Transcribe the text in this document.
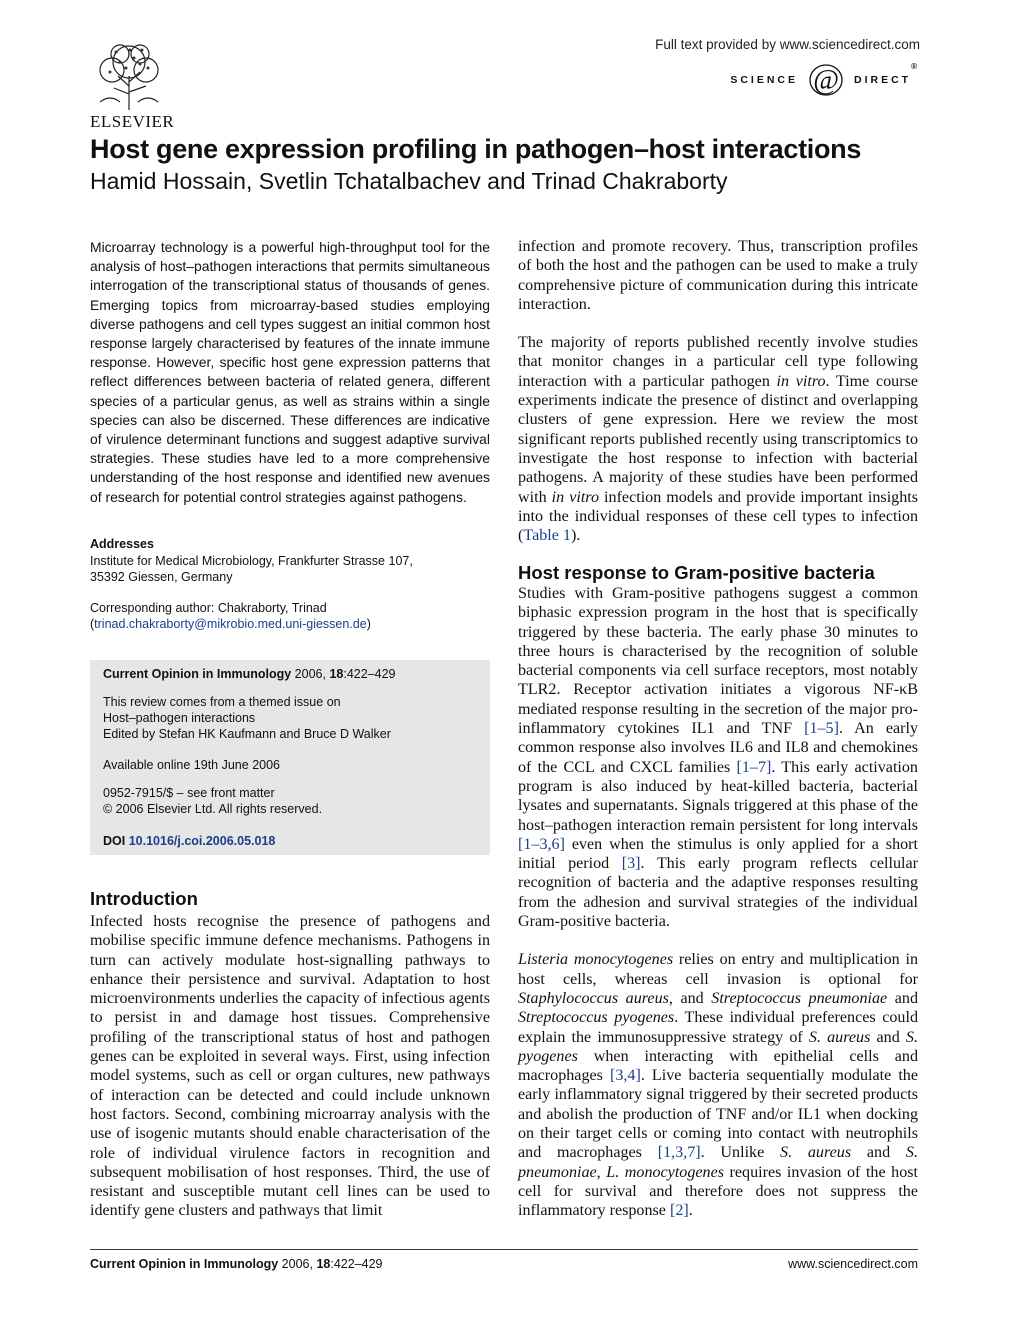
ELSEVIER
Full text provided by www.sciencedirect.com
SCIENCE @ DIRECT®
Host gene expression profiling in pathogen–host interactions
Hamid Hossain, Svetlin Tchatalbachev and Trinad Chakraborty
Microarray technology is a powerful high-throughput tool for the analysis of host–pathogen interactions that permits simultaneous interrogation of the transcriptional status of thousands of genes. Emerging topics from microarray-based studies employing diverse pathogens and cell types suggest an initial common host response largely characterised by features of the innate immune response. However, specific host gene expression patterns that reflect differences between bacteria of related genera, different species of a particular genus, as well as strains within a single species can also be discerned. These differences are indicative of virulence determinant functions and suggest adaptive survival strategies. These studies have led to a more comprehensive understanding of the host response and identified new avenues of research for potential control strategies against pathogens.
Addresses
Institute for Medical Microbiology, Frankfurter Strasse 107,
35392 Giessen, Germany
Corresponding author: Chakraborty, Trinad
(trinad.chakraborty@mikrobio.med.uni-giessen.de)
Current Opinion in Immunology 2006, 18:422–429
This review comes from a themed issue on
Host–pathogen interactions
Edited by Stefan HK Kaufmann and Bruce D Walker
Available online 19th June 2006
0952-7915/$ – see front matter
© 2006 Elsevier Ltd. All rights reserved.
DOI 10.1016/j.coi.2006.05.018
Introduction
Infected hosts recognise the presence of pathogens and mobilise specific immune defence mechanisms. Pathogens in turn can actively modulate host-signalling pathways to enhance their persistence and survival. Adaptation to host microenvironments underlies the capacity of infectious agents to persist in and damage host tissues. Comprehensive profiling of the transcriptional status of host and pathogen genes can be exploited in several ways. First, using infection model systems, such as cell or organ cultures, new pathways of interaction can be detected and could include unknown host factors. Second, combining microarray analysis with the use of isogenic mutants should enable characterisation of the role of individual virulence factors in recognition and subsequent mobilisation of host responses. Third, the use of resistant and susceptible mutant cell lines can be used to identify gene clusters and pathways that limit

infection and promote recovery. Thus, transcription profiles of both the host and the pathogen can be used to make a truly comprehensive picture of communication during this intricate interaction.

The majority of reports published recently involve studies that monitor changes in a particular cell type following interaction with a particular pathogen in vitro. Time course experiments indicate the presence of distinct and overlapping clusters of gene expression. Here we review the most significant reports published recently using transcriptomics to investigate the host response to infection with bacterial pathogens. A majority of these studies have been performed with in vitro infection models and provide important insights into the individual responses of these cell types to infection (Table 1).

Host response to Gram-positive bacteria

Studies with Gram-positive pathogens suggest a common biphasic expression program in the host that is specifically triggered by these bacteria. The early phase 30 minutes to three hours is characterised by the recognition of soluble bacterial components via cell surface receptors, most notably TLR2. Receptor activation initiates a vigorous NF-κB mediated response resulting in the secretion of the major pro-inflammatory cytokines IL1 and TNF [1–5]. An early common response also involves IL6 and IL8 and chemokines of the CCL and CXCL families [1–7]. This early activation program is also induced by heat-killed bacteria, bacterial lysates and supernatants. Signals triggered at this phase of the host–pathogen interaction remain persistent for long intervals [1–3,6] even when the stimulus is only applied for a short initial period [3]. This early program reflects cellular recognition of bacteria and the adaptive responses resulting from the adhesion and survival strategies of the individual Gram-positive bacteria.

Listeria monocytogenes relies on entry and multiplication in host cells, whereas cell invasion is optional for Staphylococcus aureus, and Streptococcus pneumoniae and Streptococcus pyogenes. These individual preferences could explain the immunosuppressive strategy of S. aureus and S. pyogenes when interacting with epithelial cells and macrophages [3,4]. Live bacteria sequentially modulate the early inflammatory signal triggered by their secreted products and abolish the production of TNF and/or IL1 when docking on their target cells or coming into contact with neutrophils and macrophages [1,3,7]. Unlike S. aureus and S. pneumoniae, L. monocytogenes requires invasion of the host cell for survival and therefore does not suppress the inflammatory response [2].

Current Opinion in Immunology 2006, 18:422–429	www.sciencedirect.com
